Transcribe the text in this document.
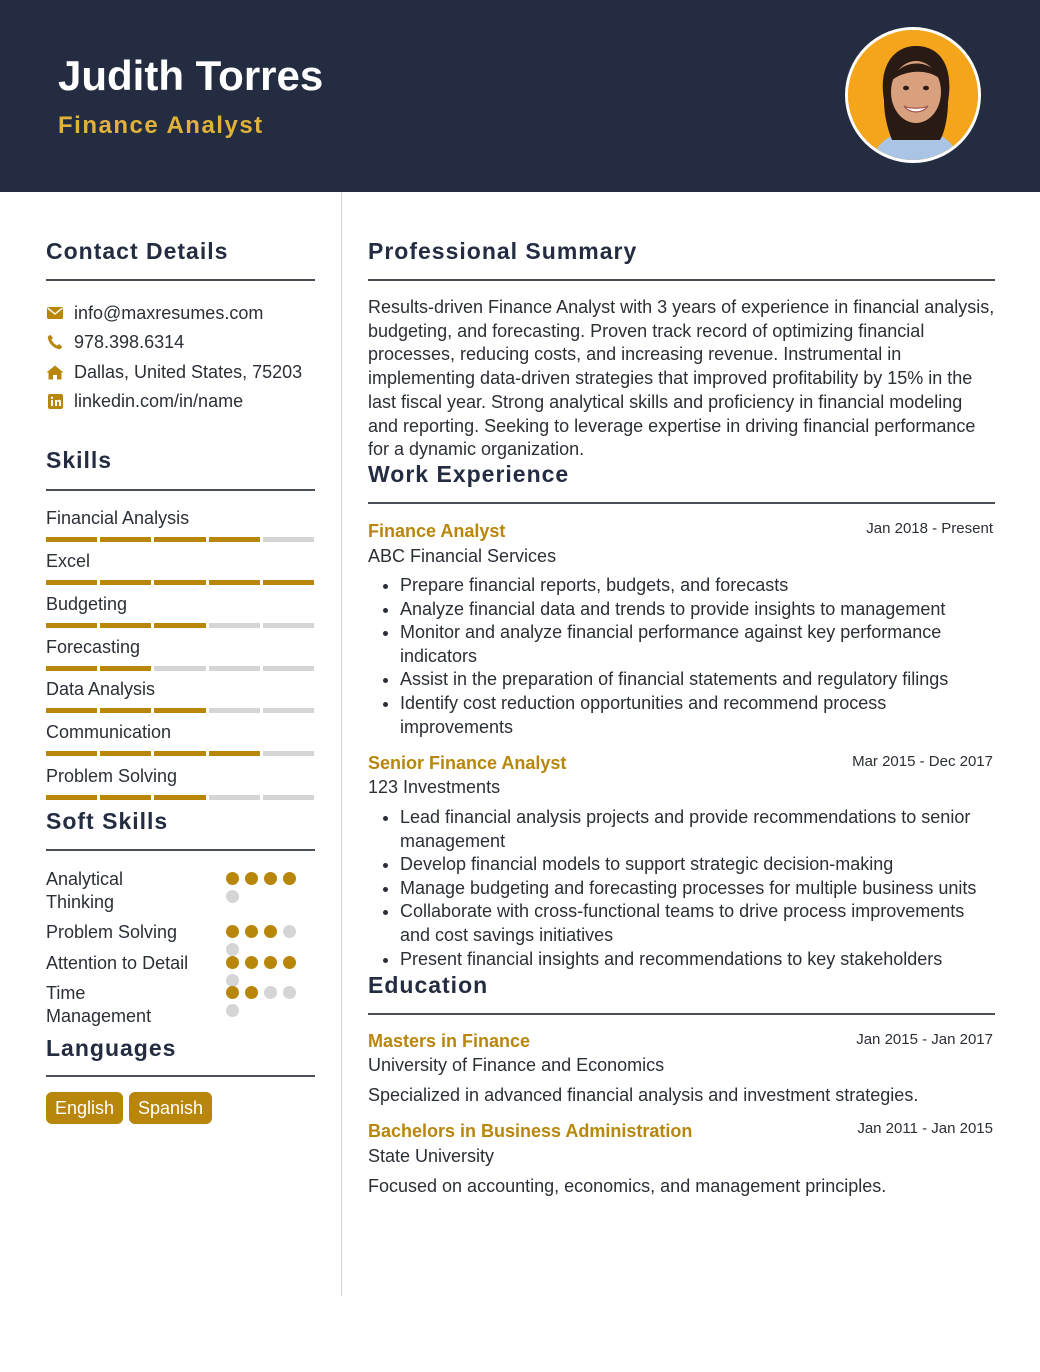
Judith Torres
Finance Analyst
Contact Details
info@maxresumes.com
978.398.6314
Dallas, United States, 75203
linkedin.com/in/name
Skills
Financial Analysis
Excel
Budgeting
Forecasting
Data Analysis
Communication
Problem Solving
Soft Skills
Analytical Thinking
Problem Solving
Attention to Detail
Time Management
Languages
English	Spanish
Professional Summary
Results-driven Finance Analyst with 3 years of experience in financial analysis, budgeting, and forecasting. Proven track record of optimizing financial processes, reducing costs, and increasing revenue. Instrumental in implementing data-driven strategies that improved profitability by 15% in the last fiscal year. Strong analytical skills and proficiency in financial modeling and reporting. Seeking to leverage expertise in driving financial performance for a dynamic organization.
Work Experience
Finance Analyst	Jan 2018 - Present
ABC Financial Services
Prepare financial reports, budgets, and forecasts
Analyze financial data and trends to provide insights to management
Monitor and analyze financial performance against key performance indicators
Assist in the preparation of financial statements and regulatory filings
Identify cost reduction opportunities and recommend process improvements
Senior Finance Analyst	Mar 2015 - Dec 2017
123 Investments
Lead financial analysis projects and provide recommendations to senior management
Develop financial models to support strategic decision-making
Manage budgeting and forecasting processes for multiple business units
Collaborate with cross-functional teams to drive process improvements and cost savings initiatives
Present financial insights and recommendations to key stakeholders
Education
Masters in Finance	Jan 2015 - Jan 2017
University of Finance and Economics
Specialized in advanced financial analysis and investment strategies.
Bachelors in Business Administration	Jan 2011 - Jan 2015
State University
Focused on accounting, economics, and management principles.
